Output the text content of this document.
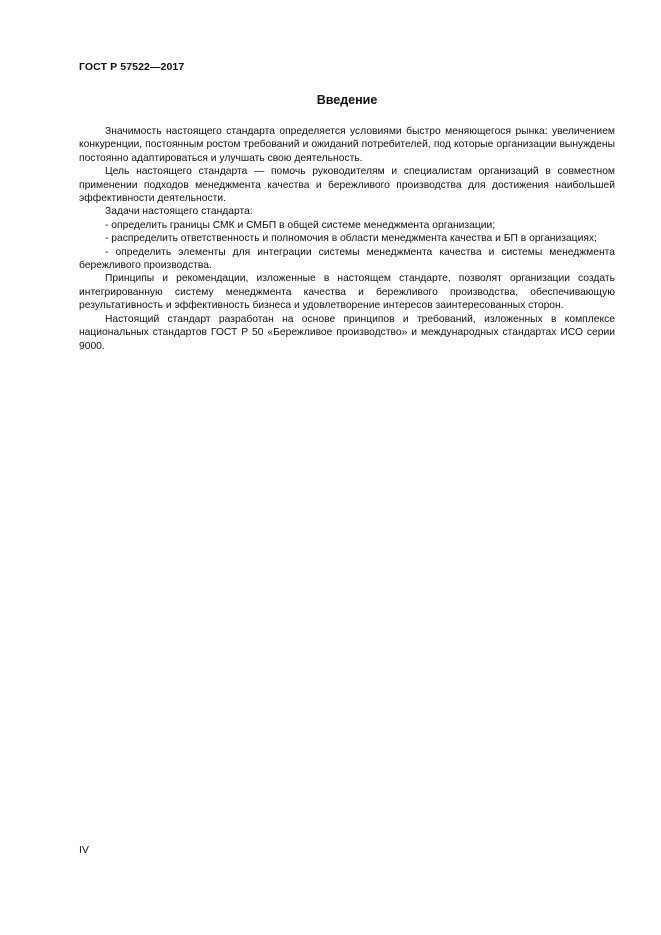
ГОСТ Р 57522—2017
Введение

Значимость настоящего стандарта определяется условиями быстро меняющегося рынка: увеличением конкуренции, постоянным ростом требований и ожиданий потребителей, под которые организации вынуждены постоянно адаптироваться и улучшать свою деятельность.

Цель настоящего стандарта — помочь руководителям и специалистам организаций в совместном применении подходов менеджмента качества и бережливого производства для достижения наибольшей эффективности деятельности.

Задачи настоящего стандарта:

- определить границы СМК и СМБП в общей системе менеджмента организации;

- распределить ответственность и полномочия в области менеджмента качества и БП в организациях;

- определить элементы для интеграции системы менеджмента качества и системы менеджмента бережливого производства.

Принципы и рекомендации, изложенные в настоящем стандарте, позволят организации создать интегрированную систему менеджмента качества и бережливого производства, обеспечивающую результативность и эффективность бизнеса и удовлетворение интересов заинтересованных сторон.

Настоящий стандарт разработан на основе принципов и требований, изложенных в комплексе национальных стандартов ГОСТ Р 50 «Бережливое производство» и международных стандартах ИСО серии 9000.

IV
